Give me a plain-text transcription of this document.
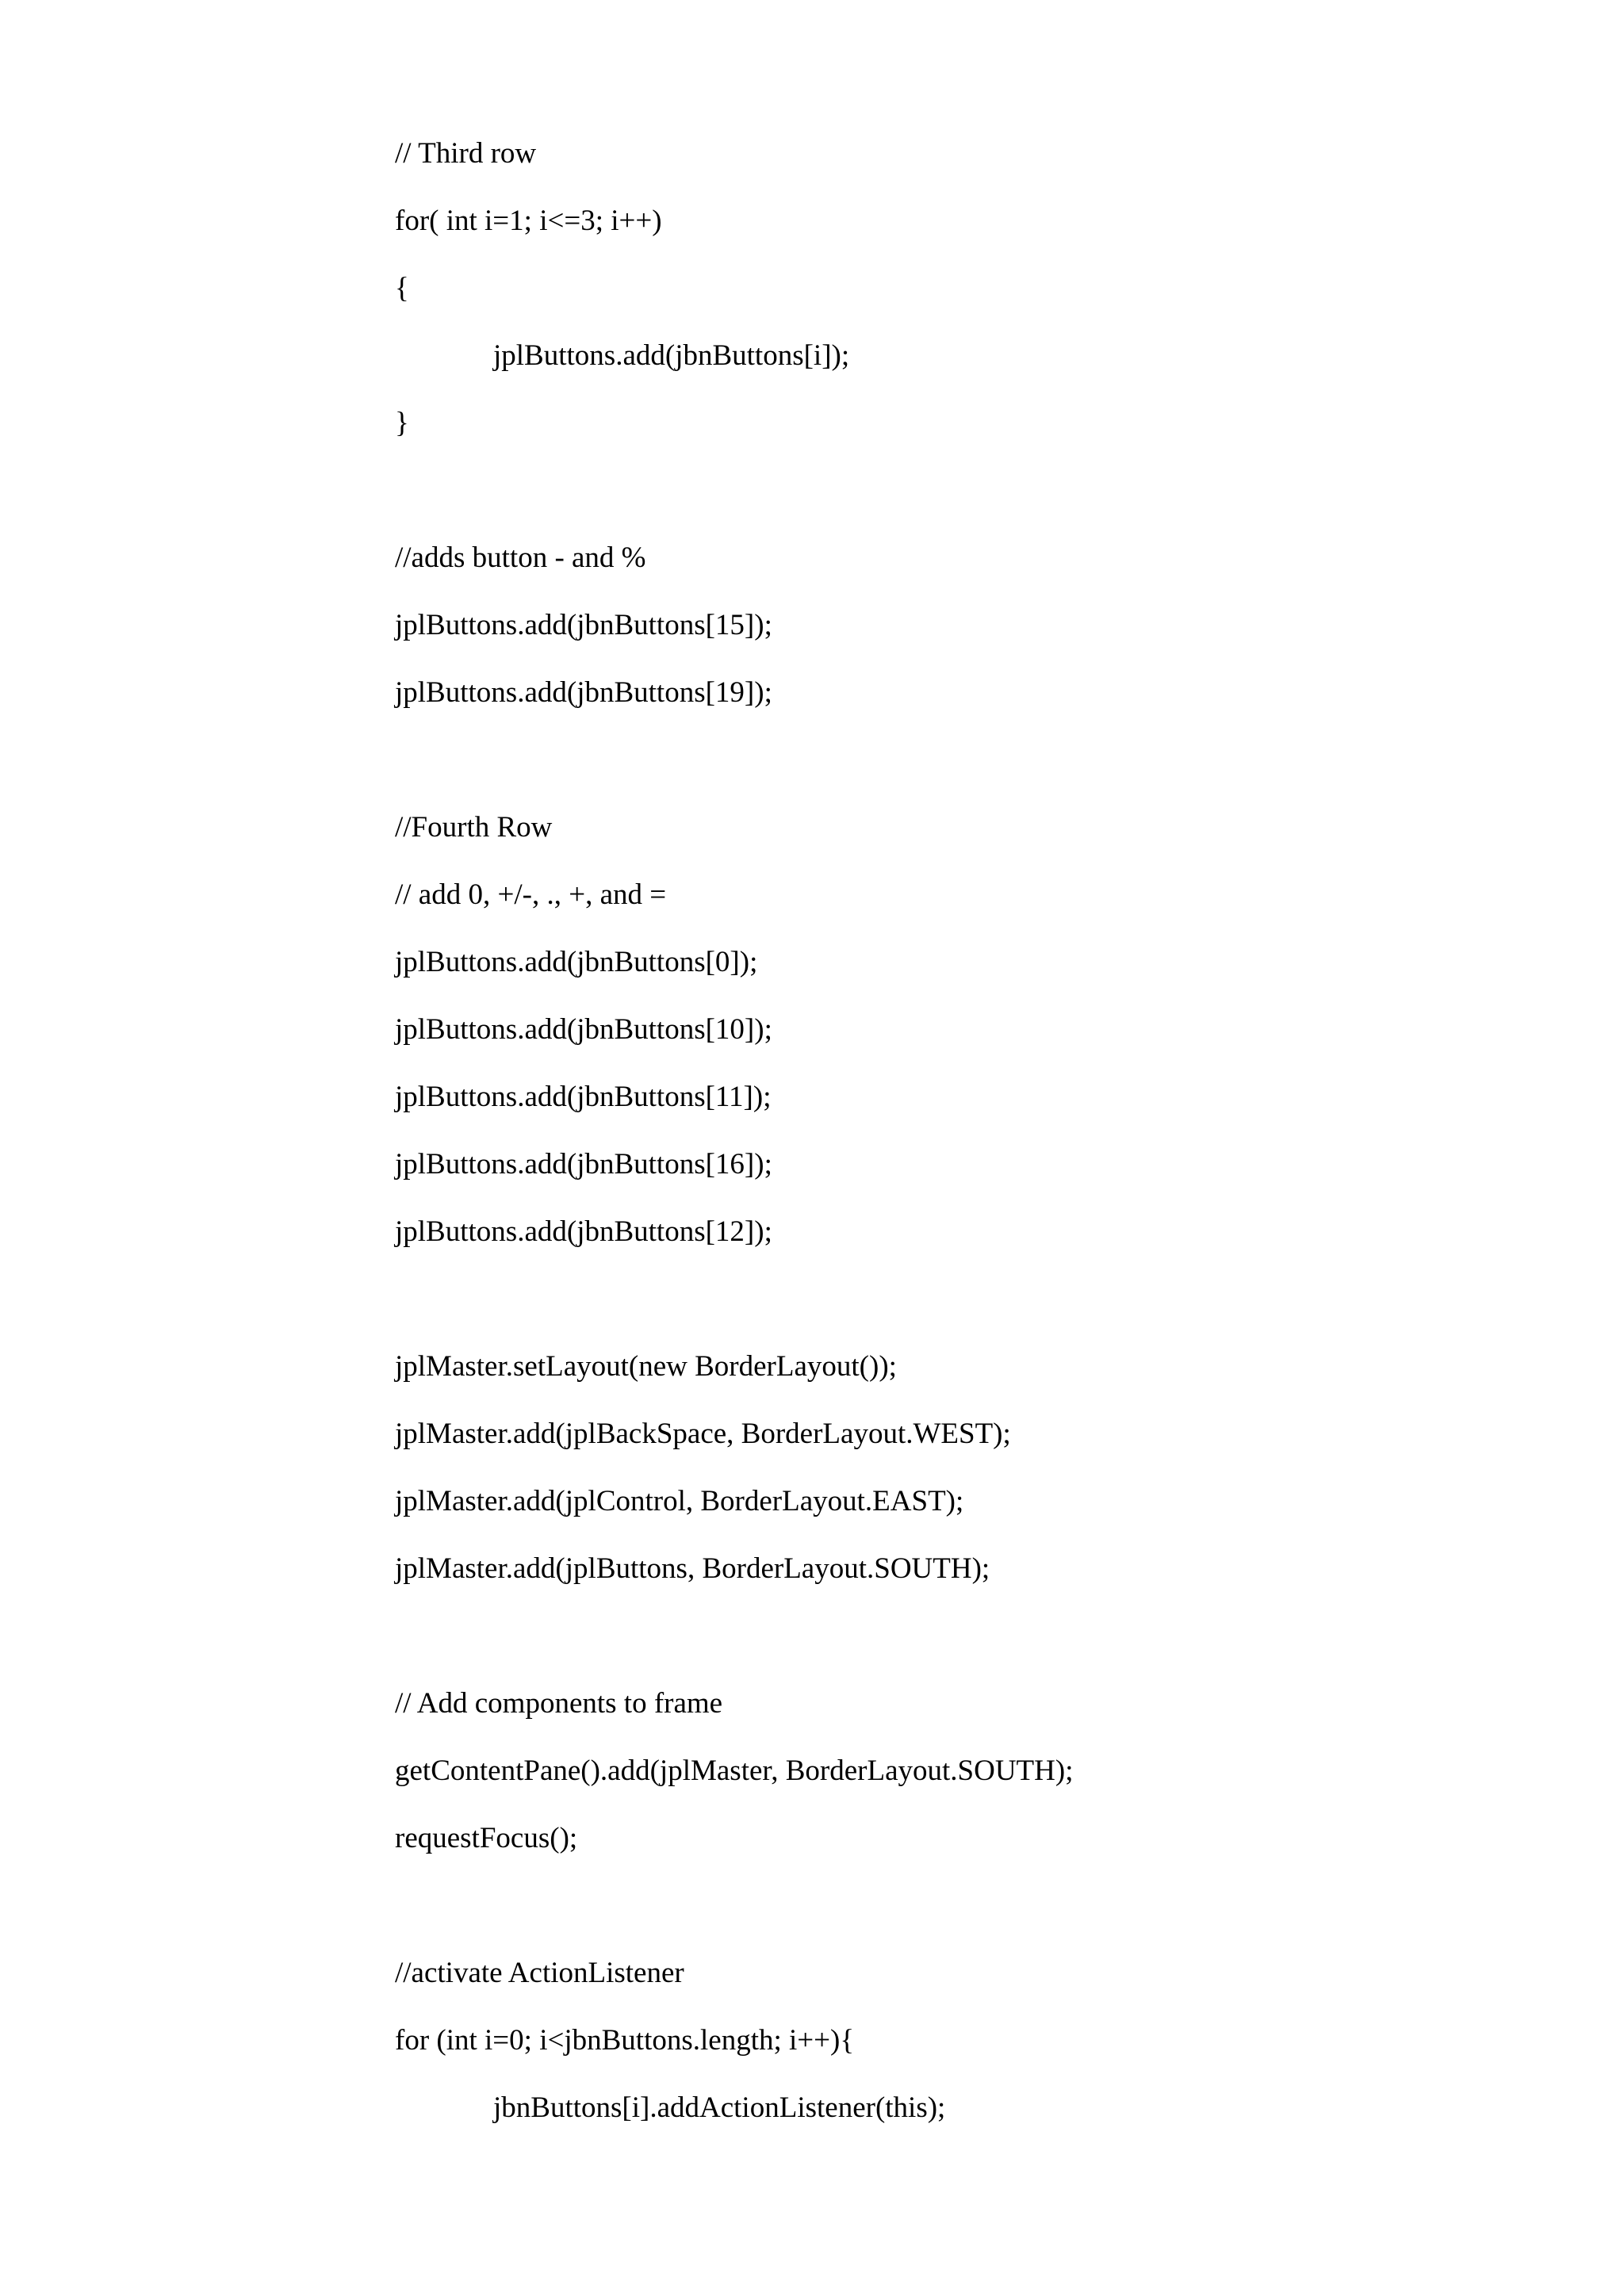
// Third row
for( int i=1; i<=3; i++)
{
jplButtons.add(jbnButtons[i]);
}
//adds button - and %
jplButtons.add(jbnButtons[15]);
jplButtons.add(jbnButtons[19]);
//Fourth Row
// add 0, +/-, ., +, and =
jplButtons.add(jbnButtons[0]);
jplButtons.add(jbnButtons[10]);
jplButtons.add(jbnButtons[11]);
jplButtons.add(jbnButtons[16]);
jplButtons.add(jbnButtons[12]);
jplMaster.setLayout(new BorderLayout());
jplMaster.add(jplBackSpace, BorderLayout.WEST);
jplMaster.add(jplControl, BorderLayout.EAST);
jplMaster.add(jplButtons, BorderLayout.SOUTH);
// Add components to frame
getContentPane().add(jplMaster, BorderLayout.SOUTH);
requestFocus();
//activate ActionListener
for (int i=0; i<jbnButtons.length; i++){
jbnButtons[i].addActionListener(this);
